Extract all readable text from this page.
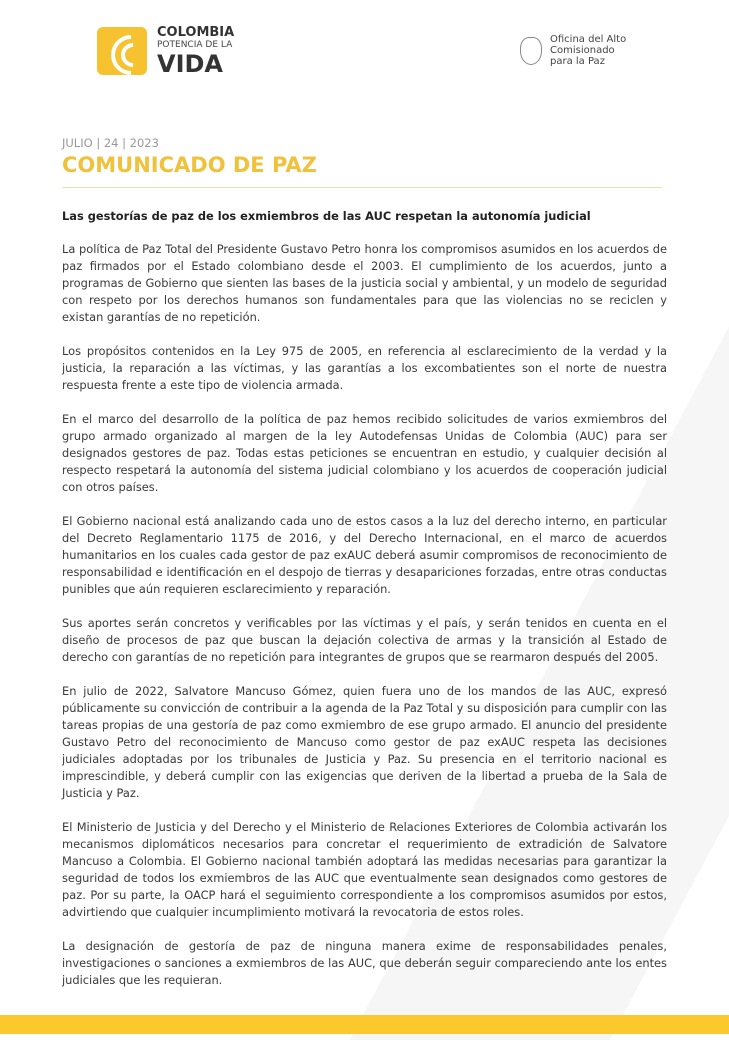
COLOMBIA
POTENCIA DE LA
VIDA
Oficina del Alto
Comisionado
para la Paz
JULIO | 24 | 2023
COMUNICADO DE PAZ
Las gestorías de paz de los exmiembros de las AUC respetan la autonomía judicial

La política de Paz Total del Presidente Gustavo Petro honra los compromisos asumidos en los acuerdos de paz firmados por el Estado colombiano desde el 2003. El cumplimiento de los acuerdos, junto a programas de Gobierno que sienten las bases de la justicia social y ambiental, y un modelo de seguridad con respeto por los derechos humanos son fundamentales para que las violencias no se reciclen y existan garantías de no repetición.

Los propósitos contenidos en la Ley 975 de 2005, en referencia al esclarecimiento de la verdad y la justicia, la reparación a las víctimas, y las garantías a los excombatientes son el norte de nuestra respuesta frente a este tipo de violencia armada.

En el marco del desarrollo de la política de paz hemos recibido solicitudes de varios exmiembros del grupo armado organizado al margen de la ley Autodefensas Unidas de Colombia (AUC) para ser designados gestores de paz. Todas estas peticiones se encuentran en estudio, y cualquier decisión al respecto respetará la autonomía del sistema judicial colombiano y los acuerdos de cooperación judicial con otros países.

El Gobierno nacional está analizando cada uno de estos casos a la luz del derecho interno, en particular del Decreto Reglamentario 1175 de 2016, y del Derecho Internacional, en el marco de acuerdos humanitarios en los cuales cada gestor de paz exAUC deberá asumir compromisos de reconocimiento de responsabilidad e identificación en el despojo de tierras y desapariciones forzadas, entre otras conductas punibles que aún requieren esclarecimiento y reparación.

Sus aportes serán concretos y verificables por las víctimas y el país, y serán tenidos en cuenta en el diseño de procesos de paz que buscan la dejación colectiva de armas y la transición al Estado de derecho con garantías de no repetición para integrantes de grupos que se rearmaron después del 2005.

En julio de 2022, Salvatore Mancuso Gómez, quien fuera uno de los mandos de las AUC, expresó públicamente su convicción de contribuir a la agenda de la Paz Total y su disposición para cumplir con las tareas propias de una gestoría de paz como exmiembro de ese grupo armado. El anuncio del presidente Gustavo Petro del reconocimiento de Mancuso como gestor de paz exAUC respeta las decisiones judiciales adoptadas por los tribunales de Justicia y Paz. Su presencia en el territorio nacional es imprescindible, y deberá cumplir con las exigencias que deriven de la libertad a prueba de la Sala de Justicia y Paz.

El Ministerio de Justicia y del Derecho y el Ministerio de Relaciones Exteriores de Colombia activarán los mecanismos diplomáticos necesarios para concretar el requerimiento de extradición de Salvatore Mancuso a Colombia. El Gobierno nacional también adoptará las medidas necesarias para garantizar la seguridad de todos los exmiembros de las AUC que eventualmente sean designados como gestores de paz. Por su parte, la OACP hará el seguimiento correspondiente a los compromisos asumidos por estos, advirtiendo que cualquier incumplimiento motivará la revocatoria de estos roles.

La designación de gestoría de paz de ninguna manera exime de responsabilidades penales, investigaciones o sanciones a exmiembros de las AUC, que deberán seguir compareciendo ante los entes judiciales que les requieran.
